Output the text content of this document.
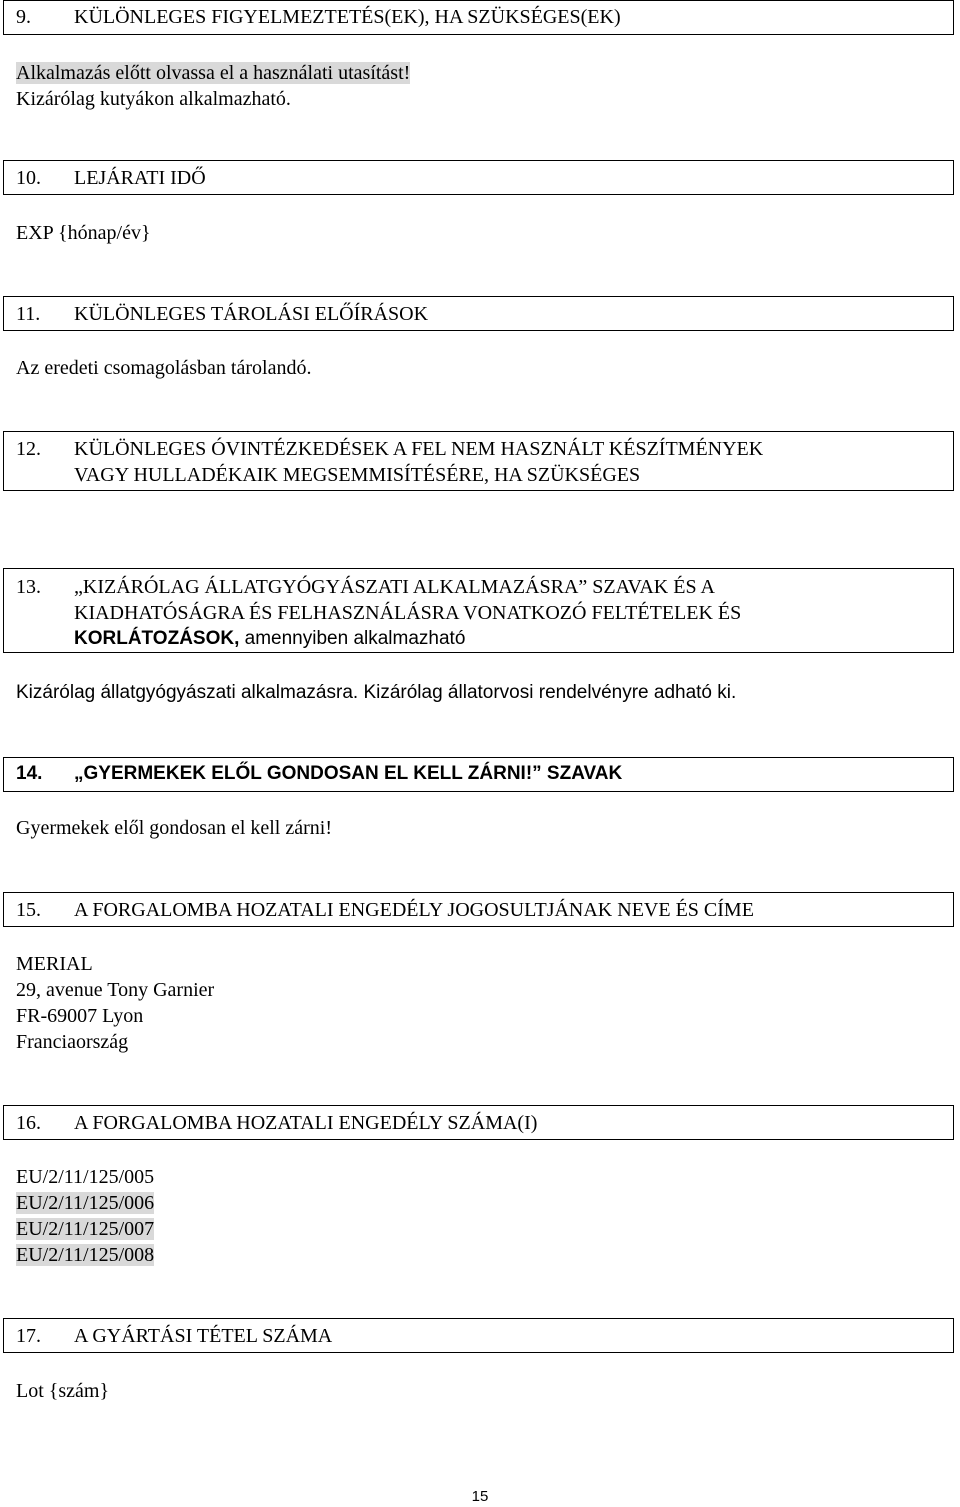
9. KÜLÖNLEGES FIGYELMEZTETÉS(EK), HA SZÜKSÉGES(EK)
Alkalmazás előtt olvassa el a használati utasítást!
Kizárólag kutyákon alkalmazható.
10. LEJÁRATI IDŐ
EXP {hónap/év}
11. KÜLÖNLEGES TÁROLÁSI ELŐÍRÁSOK
Az eredeti csomagolásban tárolandó.
12. KÜLÖNLEGES ÓVINTÉZKEDÉSEK A FEL NEM HASZNÁLT KÉSZÍTMÉNYEK
VAGY HULLADÉKAIK MEGSEMMISÍTÉSÉRE, HA SZÜKSÉGES
13. „KIZÁRÓLAG ÁLLATGYÓGYÁSZATI ALKALMAZÁSRA” SZAVAK ÉS A
KIADHATÓSÁGRA ÉS FELHASZNÁLÁSRA VONATKOZÓ FELTÉTELEK ÉS
KORLÁTOZÁSOK, amennyiben alkalmazható
Kizárólag állatgyógyászati alkalmazásra. Kizárólag állatorvosi rendelvényre adható ki.
14. „GYERMEKEK ELŐL GONDOSAN EL KELL ZÁRNI!” SZAVAK
Gyermekek elől gondosan el kell zárni!
15. A FORGALOMBA HOZATALI ENGEDÉLY JOGOSULTJÁNAK NEVE ÉS CÍME
MERIAL
29, avenue Tony Garnier
FR-69007 Lyon
Franciaország
16. A FORGALOMBA HOZATALI ENGEDÉLY SZÁMA(I)
EU/2/11/125/005
EU/2/11/125/006
EU/2/11/125/007
EU/2/11/125/008
17. A GYÁRTÁSI TÉTEL SZÁMA
Lot {szám}
15
